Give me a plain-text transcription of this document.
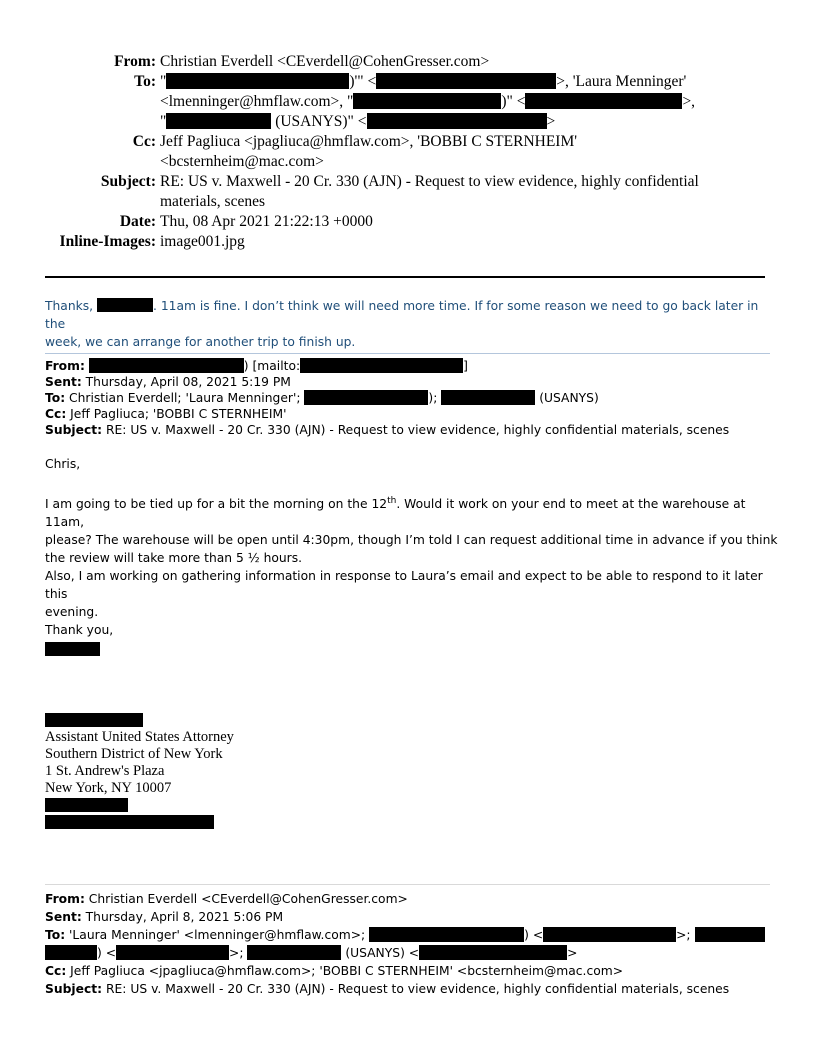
From: Christian Everdell <CEverdell@CohenGresser.com>
To: "	)'" <	>, 'Laura Menninger'
<lmenninger@hmflaw.com>, "	)" <	>,
"	(USANYS)" <	>
Cc: Jeff Pagliuca <jpagliuca@hmflaw.com>, 'BOBBI C STERNHEIM'
<bcsternheim@mac.com>
Subject: RE: US v. Maxwell - 20 Cr. 330 (AJN) - Request to view evidence, highly confidential
materials, scenes
Date: Thu, 08 Apr 2021 21:22:13 +0000
Inline-Images: image001.jpg
Thanks,	. 11am is fine. I don’t think we will need more time. If for some reason we need to go back later in the
week, we can arrange for another trip to finish up.
From:	) [mailto:	]
Sent: Thursday, April 08, 2021 5:19 PM
To: Christian Everdell; 'Laura Menninger';	);	(USANYS)
Cc: Jeff Pagliuca; 'BOBBI C STERNHEIM'
Subject: RE: US v. Maxwell - 20 Cr. 330 (AJN) - Request to view evidence, highly confidential materials, scenes
Chris,
I am going to be tied up for a bit the morning on the 12th. Would it work on your end to meet at the warehouse at 11am,
please? The warehouse will be open until 4:30pm, though I’m told I can request additional time in advance if you think
the review will take more than 5 ½ hours.
Also, I am working on gathering information in response to Laura’s email and expect to be able to respond to it later this
evening.
Thank you,
Assistant United States Attorney
Southern District of New York
1 St. Andrew's Plaza
New York, NY 10007
From: Christian Everdell <CEverdell@CohenGresser.com>
Sent: Thursday, April 8, 2021 5:06 PM
To: 'Laura Menninger' <lmenninger@hmflaw.com>;	) <	>;
) <	>;	(USANYS) <	>
Cc: Jeff Pagliuca <jpagliuca@hmflaw.com>; 'BOBBI C STERNHEIM' <bcsternheim@mac.com>
Subject: RE: US v. Maxwell - 20 Cr. 330 (AJN) - Request to view evidence, highly confidential materials, scenes
